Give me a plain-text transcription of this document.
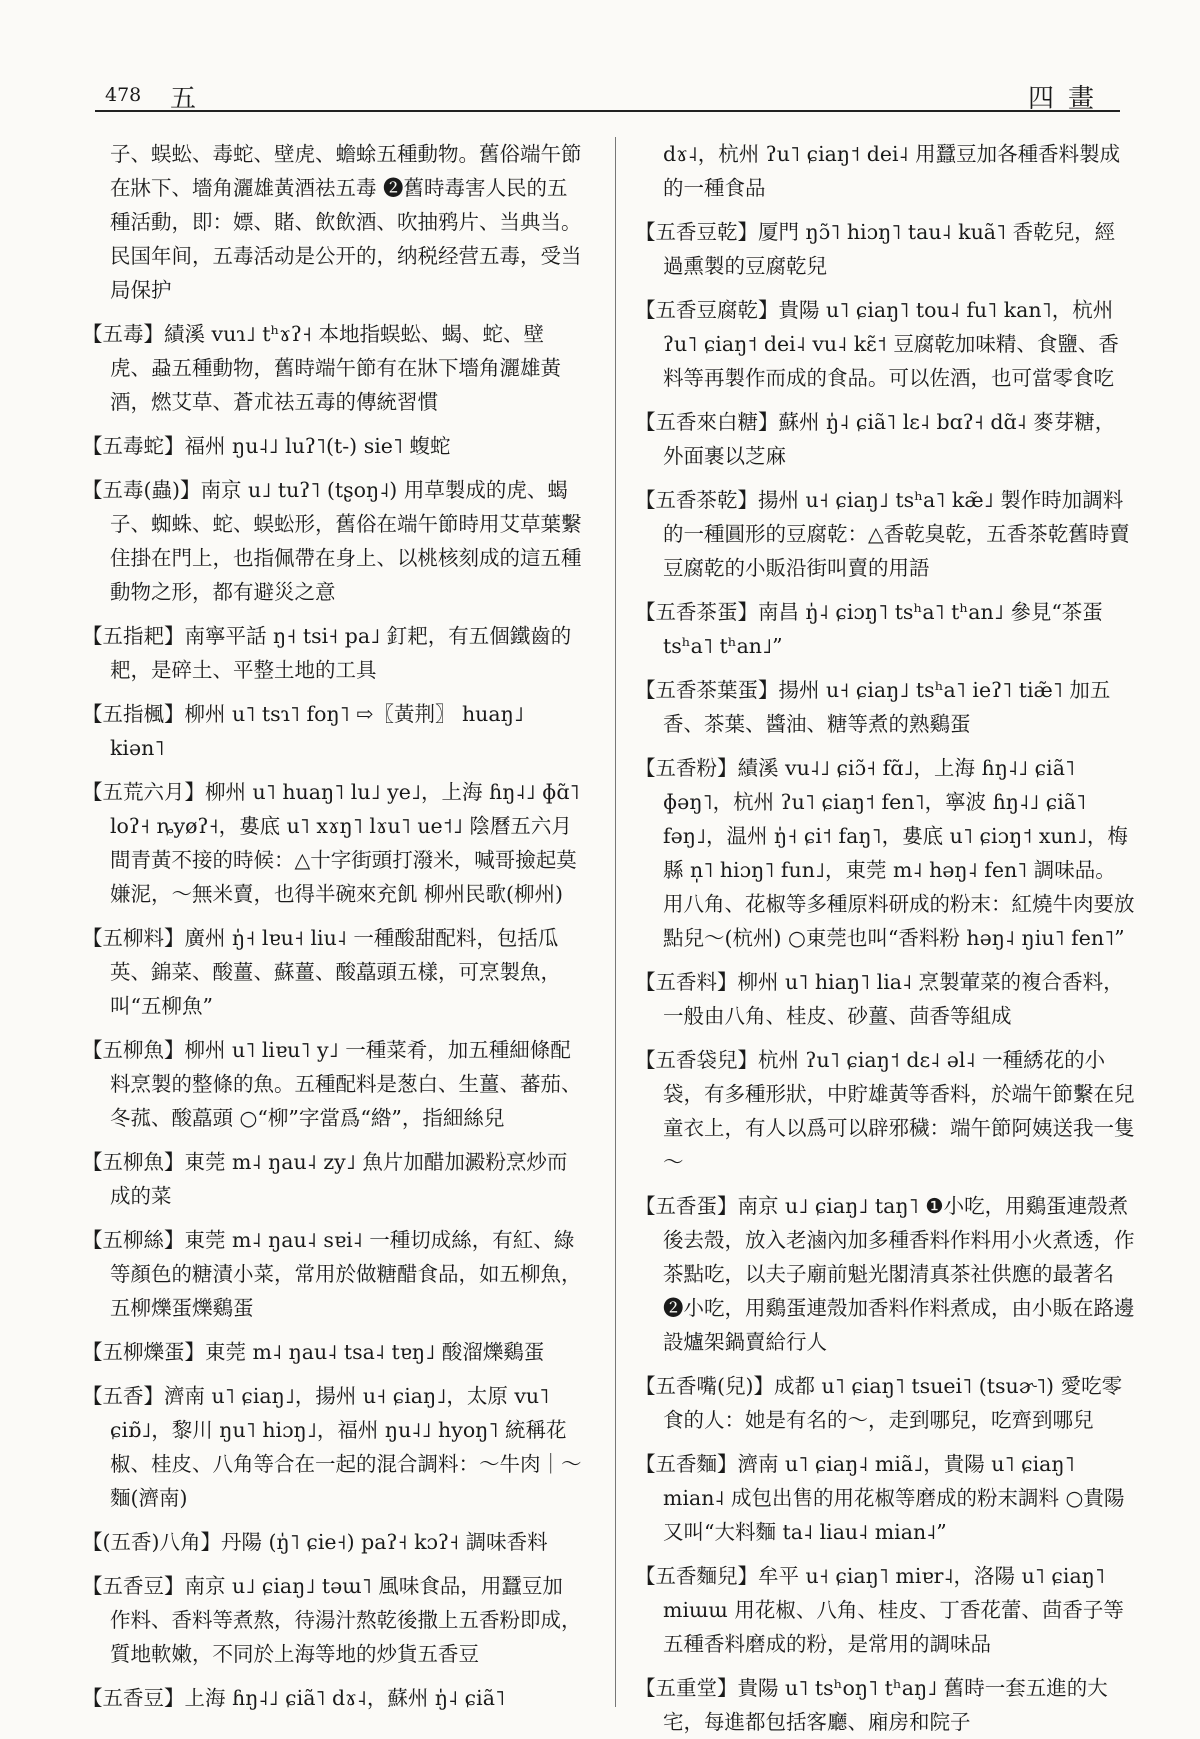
478 五	四畫

子、蜈蚣、毒蛇、壁虎、蟾蜍五種動物。舊俗端午節在牀下、墻角灑雄黃酒祛五毒 ❷舊時毒害人民的五種活動，即：嫖、賭、飲飲酒、吹抽鸦片、当典当。民国年间，五毒活动是公开的，纳税经营五毒，受当局保护

【五毒】績溪 vuɿ˩ tʰɤʔ˧ 本地指蜈蚣、蝎、蛇、壁虎、蝨五種動物，舊時端午節有在牀下墻角灑雄黃酒，燃艾草、蒼朮祛五毒的傳統習慣

【五毒蛇】福州 ŋu˨˩ luʔ˥(t-) sie˥ 蝮蛇

【五毒(蟲)】南京 u˩ tuʔ˥ (tʂoŋ˨) 用草製成的虎、蝎子、蜘蛛、蛇、蜈蚣形，舊俗在端午節時用艾草葉繫住掛在門上，也指佩帶在身上、以桃核刻成的這五種動物之形，都有避災之意

【五指耙】南寧平話 ŋ˧ tsi˧ pa˩ 釘耙，有五個鐵齒的耙，是碎土、平整土地的工具

【五指楓】柳州 u˥ tsɿ˥ foŋ˥ ⇨〖黃荆〗 huaŋ˩ kiən˥

【五荒六月】柳州 u˥ huaŋ˥ lu˩ ye˩，上海 ɦŋ˨˩ ɸɑ̃˥ loʔ˧ ȵyøʔ˧，婁底 u˥ xɤŋ˥ lɤu˥ ue˦˩ 陰曆五六月間青黃不接的時候：△十字街頭打潑米，喊哥撿起莫嫌泥，～無米賣，也得半碗來充飢 柳州民歌(柳州)

【五柳料】廣州 ŋ̍˧ lɐu˧ liu˨ 一種酸甜配料，包括瓜英、錦菜、酸薑、蘇薑、酸藠頭五樣，可烹製魚，叫“五柳魚”

【五柳魚】柳州 u˥ liɐu˥ y˩ 一種菜肴，加五種細條配料烹製的整條的魚。五種配料是葱白、生薑、蕃茄、冬菰、酸藠頭 ○“柳”字當爲“綹”，指細絲兒

【五柳魚】東莞 m˨ ŋau˨ zy˩ 魚片加醋加澱粉烹炒而成的菜

【五柳絲】東莞 m˨ ŋau˨ sɐi˨ 一種切成絲，有紅、綠等顏色的糖漬小菜，常用於做糖醋食品，如五柳魚，五柳爍蛋爍鷄蛋

【五柳爍蛋】東莞 m˨ ŋau˨ tsa˨ tɐŋ˩ 酸溜爍鷄蛋

【五香】濟南 u˥ ɕiaŋ˩，揚州 u˧ ɕiaŋ˩，太原 vu˥ ɕiɒ̃˩，黎川 ŋu˥ hiɔŋ˩，福州 ŋu˨˩ hyoŋ˥ 統稱花椒、桂皮、八角等合在一起的混合調料：～牛肉｜～麵(濟南)

【(五香)八角】丹陽 (ŋ̍˥ ɕie˧) paʔ˧ kɔʔ˧ 調味香料

【五香豆】南京 u˩ ɕiaŋ˩ təɯ˥ 風味食品，用蠶豆加作料、香料等煮熬，待湯汁熬乾後撒上五香粉即成，質地軟嫩，不同於上海等地的炒貨五香豆

【五香豆】上海 ɦŋ˨˩ ɕiã˥ dɤ˨，蘇州 ŋ̍˨ ɕiã˥

dɤ˨，杭州 ʔu˥ ɕiaŋ˦ dei˨ 用蠶豆加各種香料製成的一種食品

【五香豆乾】厦門 ŋɔ̃˥ hiɔŋ˥ tau˨ kuã˥ 香乾兒，經過熏製的豆腐乾兒

【五香豆腐乾】貴陽 u˥ ɕiaŋ˥ tou˨ fu˥ kan˥，杭州 ʔu˥ ɕiaŋ˦ dei˨ vu˨ kɛ̃˦ 豆腐乾加味精、食鹽、香料等再製作而成的食品。可以佐酒，也可當零食吃

【五香來白糖】蘇州 ŋ̍˨ ɕiã˥ lɛ˨ bɑʔ˧ dɑ̃˨ 麥芽糖，外面裹以芝麻

【五香茶乾】揚州 u˧ ɕiaŋ˩ tsʰa˥ kæ̃˩ 製作時加調料的一種圓形的豆腐乾：△香乾臭乾，五香茶乾舊時賣豆腐乾的小販沿街叫賣的用語

【五香茶蛋】南昌 ŋ̍˨ ɕiɔŋ˥ tsʰa˥ tʰan˩ 參見“茶蛋 tsʰa˥ tʰan˩”

【五香茶葉蛋】揚州 u˧ ɕiaŋ˩ tsʰa˥ ieʔ˥ tiæ̃˥ 加五香、茶葉、醬油、糖等煮的熟鷄蛋

【五香粉】績溪 vu˨˩ ɕiɔ̃˧ fɑ̃˩，上海 ɦŋ˨˩ ɕiã˥ ɸəŋ˥，杭州 ʔu˥ ɕiaŋ˦ fen˥，寧波 ɦŋ˨˩ ɕiã˥ fəŋ˩，温州 ŋ̍˧ ɕi˦ faŋ˥，婁底 u˥ ɕiɔŋ˦ xun˩，梅縣 n̩˥ hiɔŋ˥ fun˩，東莞 m˨ həŋ˨ fen˥ 調味品。用八角、花椒等多種原料研成的粉末：紅燒牛肉要放點兒～(杭州) ○東莞也叫“香料粉 həŋ˨ ŋiu˥ fen˥”

【五香料】柳州 u˥ hiaŋ˥ lia˨ 烹製葷菜的複合香料，一般由八角、桂皮、砂薑、茴香等組成

【五香袋兒】杭州 ʔu˥ ɕiaŋ˦ dɛ˨ əl˨ 一種綉花的小袋，有多種形狀，中貯雄黃等香料，於端午節繫在兒童衣上，有人以爲可以辟邪穢：端午節阿姨送我一隻～

【五香蛋】南京 u˩ ɕiaŋ˩ taŋ˥ ❶小吃，用鷄蛋連殼煮後去殼，放入老滷內加多種香料作料用小火煮透，作茶點吃，以夫子廟前魁光閣清真茶社供應的最著名 ❷小吃，用鷄蛋連殼加香料作料煮成，由小販在路邊設爐架鍋賣給行人

【五香嘴(兒)】成都 u˥ ɕiaŋ˥ tsuei˥ (tsuɚ˥) 愛吃零食的人：她是有名的～，走到哪兒，吃齊到哪兒

【五香麵】濟南 u˥ ɕiaŋ˨ miã˩，貴陽 u˥ ɕiaŋ˥ mian˨ 成包出售的用花椒等磨成的粉末調料 ○貴陽又叫“大料麵 ta˨ liau˨ mian˨”

【五香麵兒】牟平 u˧ ɕiaŋ˥ miɐr˨，洛陽 u˥ ɕiaŋ˥ miɯɯ 用花椒、八角、桂皮、丁香花蕾、茴香子等五種香料磨成的粉，是常用的調味品

【五重堂】貴陽 u˥ tsʰoŋ˥ tʰaŋ˩ 舊時一套五進的大宅，每進都包括客廳、廂房和院子
